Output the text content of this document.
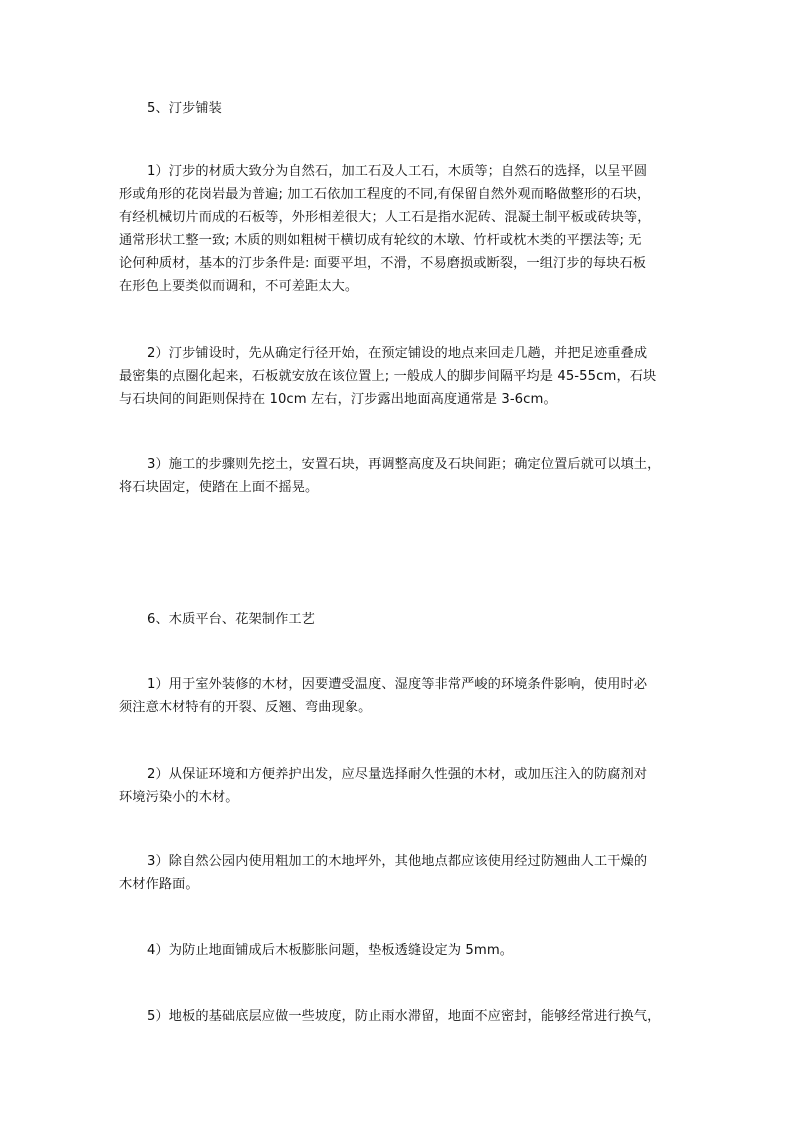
5、汀步铺装
1）汀步的材质大致分为自然石，加工石及人工石，木质等；自然石的选择，以呈平圆
形或角形的花岗岩最为普遍; 加工石依加工程度的不同,有保留自然外观而略做整形的石块，
有经机械切片而成的石板等，外形相差很大；人工石是指水泥砖、混凝土制平板或砖块等，
通常形状工整一致; 木质的则如粗树干横切成有轮纹的木墩、竹杆或枕木类的平摆法等; 无
论何种质材，基本的汀步条件是: 面要平坦，不滑，不易磨损或断裂，一组汀步的每块石板
在形色上要类似而调和，不可差距太大。
2）汀步铺设时，先从确定行径开始，在预定铺设的地点来回走几趟，并把足迹重叠成
最密集的点圈化起来，石板就安放在该位置上; 一般成人的脚步间隔平均是 45-55cm，石块
与石块间的间距则保持在 10cm 左右，汀步露出地面高度通常是 3-6cm。
3）施工的步骤则先挖土，安置石块，再调整高度及石块间距；确定位置后就可以填土，
将石块固定，使踏在上面不摇晃。
6、木质平台、花架制作工艺
1）用于室外装修的木材，因要遭受温度、湿度等非常严峻的环境条件影响，使用时必
须注意木材特有的开裂、反翘、弯曲现象。
2）从保证环境和方便养护出发，应尽量选择耐久性强的木材，或加压注入的防腐剂对
环境污染小的木材。
3）除自然公园内使用粗加工的木地坪外，其他地点都应该使用经过防翘曲人工干燥的
木材作路面。
4）为防止地面铺成后木板膨胀问题，垫板透缝设定为 5mm。
5）地板的基础底层应做一些坡度，防止雨水滞留，地面不应密封，能够经常进行换气，
